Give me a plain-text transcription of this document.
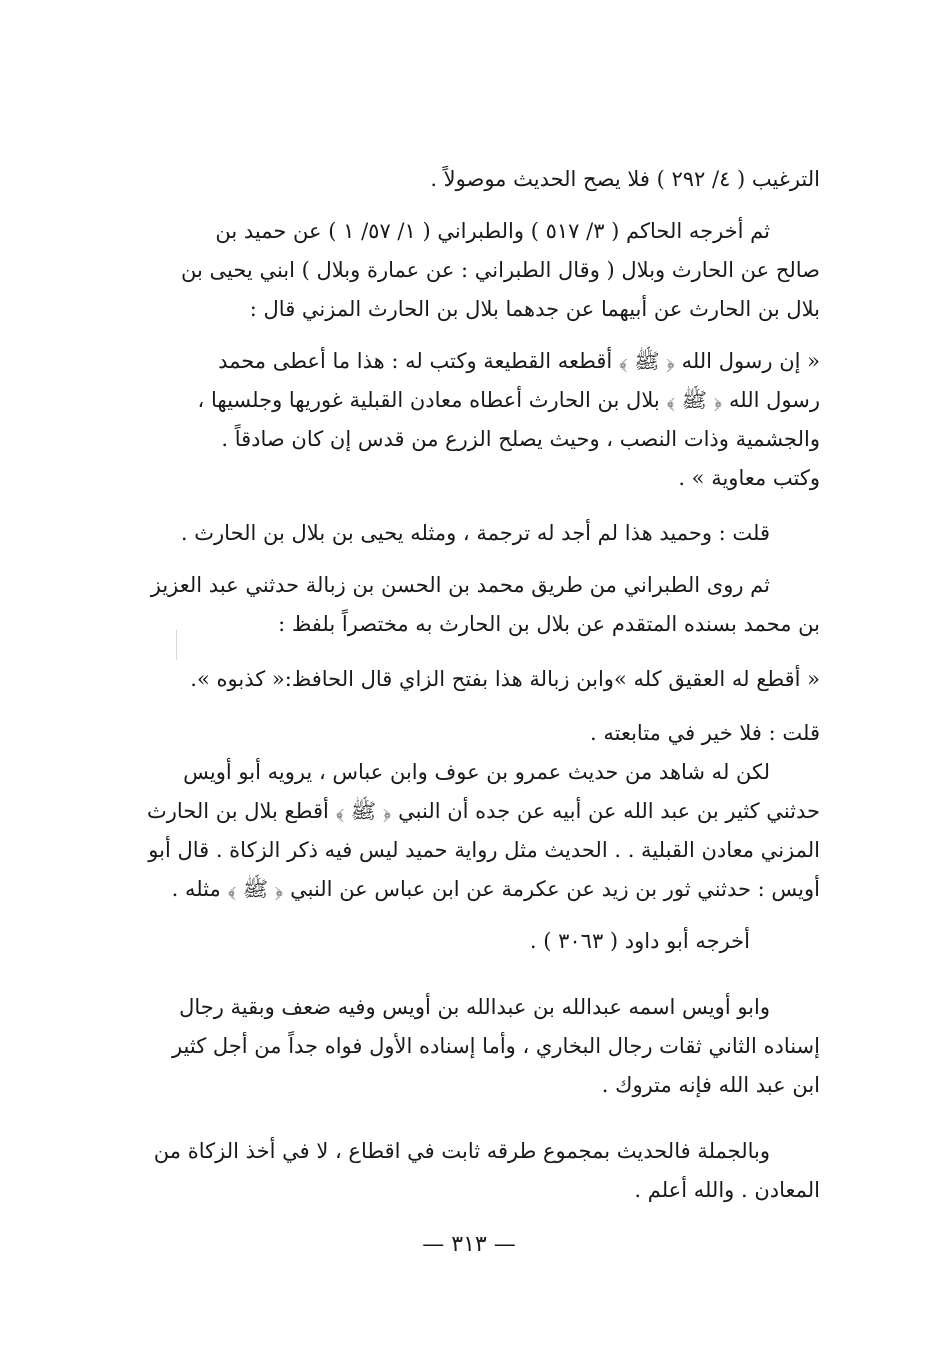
الترغيب ( ٤/ ٢٩٢ ) فلا يصح الحديث موصولاً .
ثم أخرجه الحاكم ( ٣/ ٥١٧ ) والطبراني ( ١/ ٥٧/ ١ ) عن حميد بن
صالح عن الحارث وبلال ( وقال الطبراني : عن عمارة وبلال ) ابني يحيى بن
بلال بن الحارث عن أبيهما عن جدهما بلال بن الحارث المزني قال :
« إن رسول الله ﴿ ﷺ ﴾ أقطعه القطيعة وكتب له : هذا ما أعطى محمد
رسول الله ﴿ ﷺ ﴾ بلال بن الحارث أعطاه معادن القبلية غوريها وجلسيها ،
والجشمية وذات النصب ، وحيث يصلح الزرع من قدس إن كان صادقاً .
وكتب معاوية » .
قلت : وحميد هذا لم أجد له ترجمة ، ومثله يحيى بن بلال بن الحارث .
ثم روى الطبراني من طريق محمد بن الحسن بن زبالة حدثني عبد العزيز
بن محمد بسنده المتقدم عن بلال بن الحارث به مختصراً بلفظ :
« أقطع له العقيق كله »وابن زبالة هذا بفتح الزاي قال الحافظ:« كذبوه ».
قلت : فلا خير في متابعته .
لكن له شاهد من حديث عمرو بن عوف وابن عباس ، يرويه أبو أويس
حدثني كثير بن عبد الله عن أبيه عن جده أن النبي ﴿ ﷺ ﴾ أقطع بلال بن الحارث
المزني معادن القبلية . . الحديث مثل رواية حميد ليس فيه ذكر الزكاة . قال أبو
أويس : حدثني ثور بن زيد عن عكرمة عن ابن عباس عن النبي ﴿ ﷺ ﴾ مثله .
أخرجه أبو داود ( ٣٠٦٣ ) .
وابو أويس اسمه عبدالله بن عبدالله بن أويس وفيه ضعف وبقية رجال
إسناده الثاني ثقات رجال البخاري ، وأما إسناده الأول فواه جداً من أجل كثير
ابن عبد الله فإنه متروك .
وبالجملة فالحديث بمجموع طرقه ثابت في اقطاع ، لا في أخذ الزكاة من
المعادن . والله أعلم .
— ٣١٣ —
